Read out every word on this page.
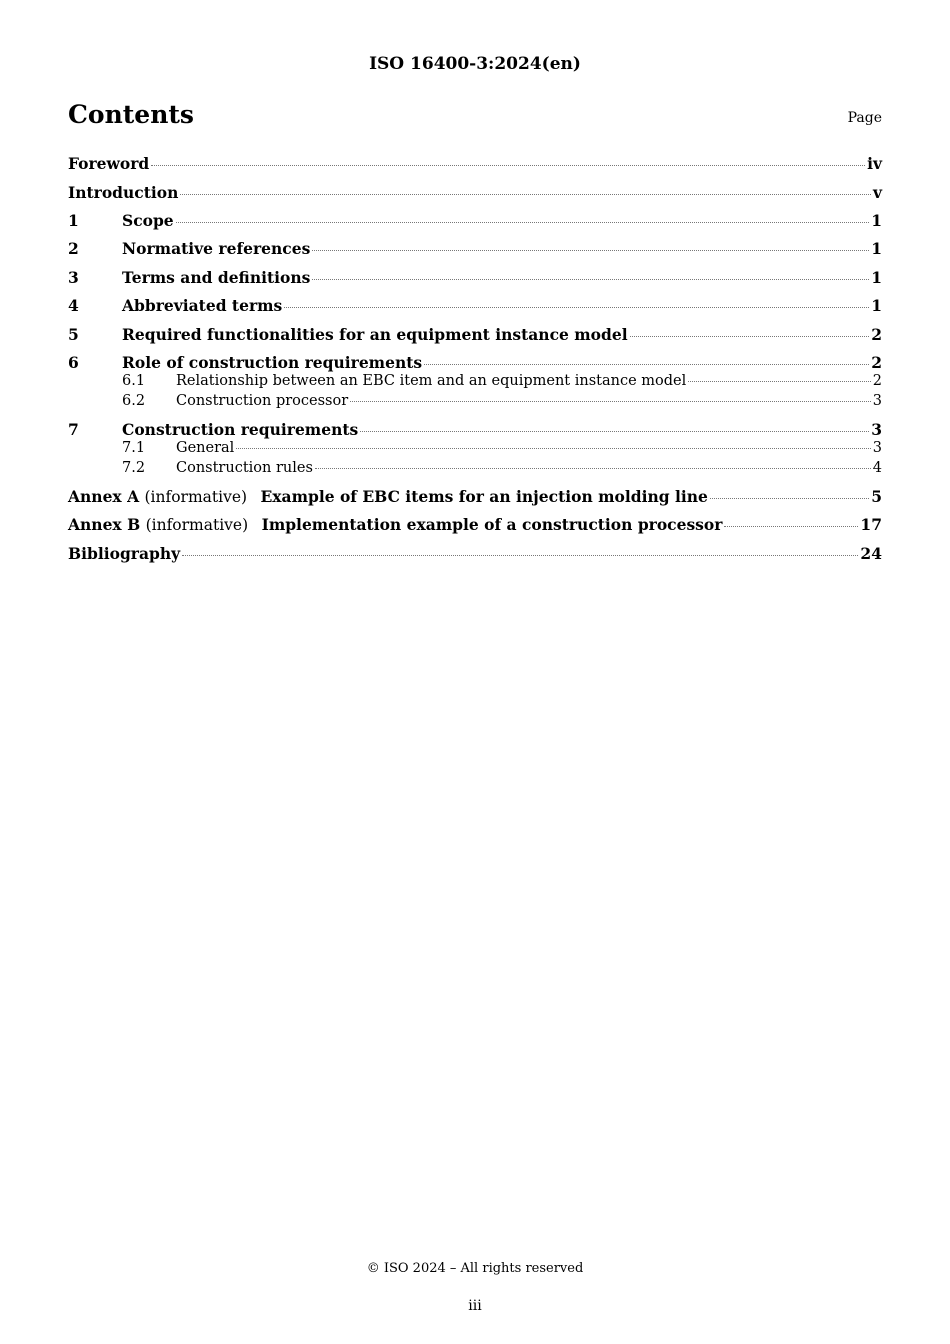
ISO 16400-3:2024(en)
Contents	Page
Foreword	iv
Introduction	v
1	Scope	1
2	Normative references	1
3	Terms and definitions	1
4	Abbreviated terms	1
5	Required functionalities for an equipment instance model	2
6	Role of construction requirements	2
6.1	Relationship between an EBC item and an equipment instance model	2
6.2	Construction processor	3
7	Construction requirements	3
7.1	General	3
7.2	Construction rules	4
Annex A (informative) Example of EBC items for an injection molding line	5
Annex B (informative) Implementation example of a construction processor	17
Bibliography	24
© ISO 2024 – All rights reserved
iii
